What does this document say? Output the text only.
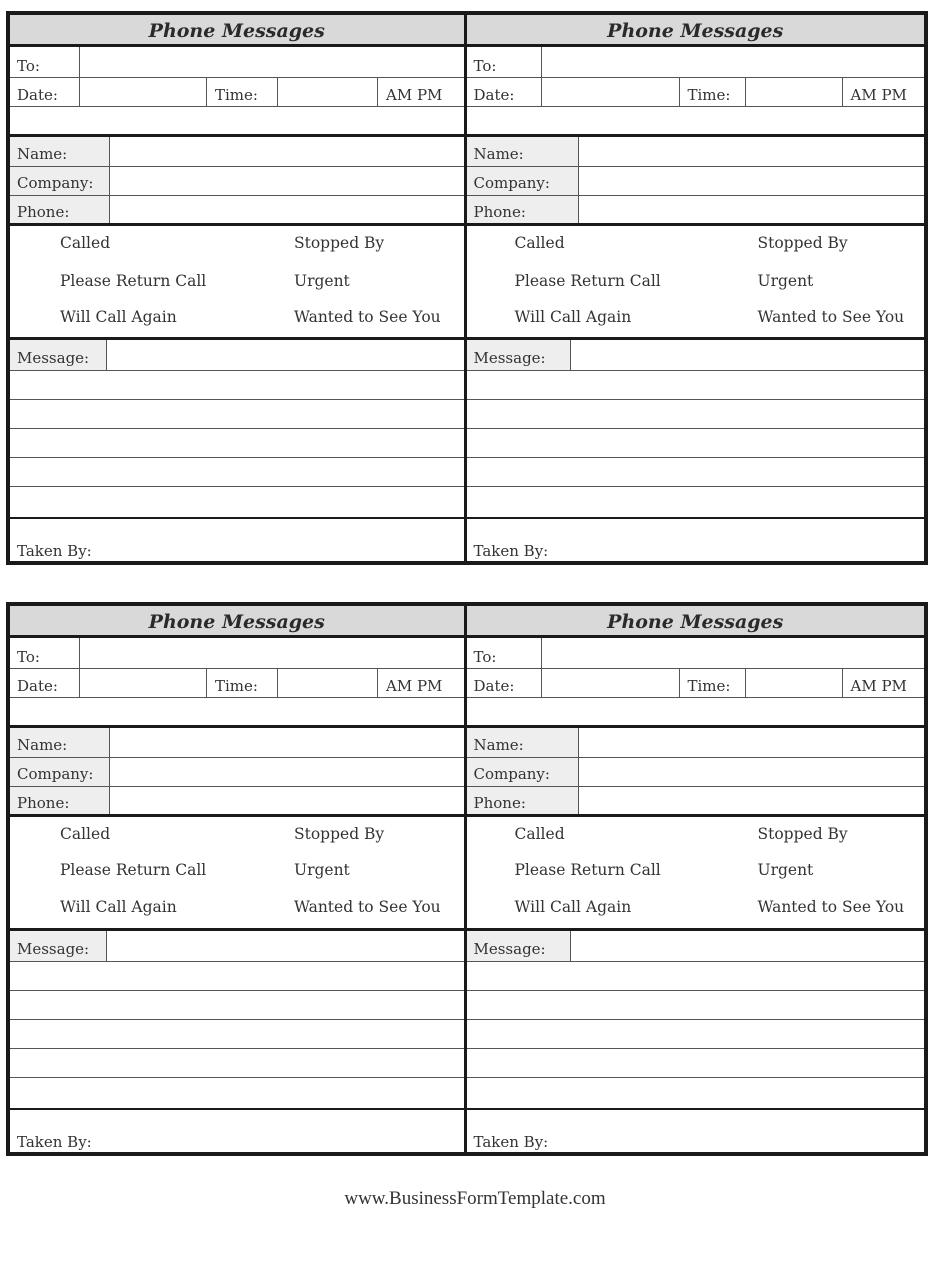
Phone Messages
To:
Date:	Time:	AM PM
Name:
Company:
Phone:
Called	Stopped By
Please Return Call	Urgent
Will Call Again	Wanted to See You
Message:
Taken By:
Phone Messages
To:
Date:	Time:	AM PM
Name:
Company:
Phone:
Called	Stopped By
Please Return Call	Urgent
Will Call Again	Wanted to See You
Message:
Taken By:
Phone Messages
To:
Date:	Time:	AM PM
Name:
Company:
Phone:
Called	Stopped By
Please Return Call	Urgent
Will Call Again	Wanted to See You
Message:
Taken By:
Phone Messages
To:
Date:	Time:	AM PM
Name:
Company:
Phone:
Called	Stopped By
Please Return Call	Urgent
Will Call Again	Wanted to See You
Message:
Taken By:
www.BusinessFormTemplate.com
